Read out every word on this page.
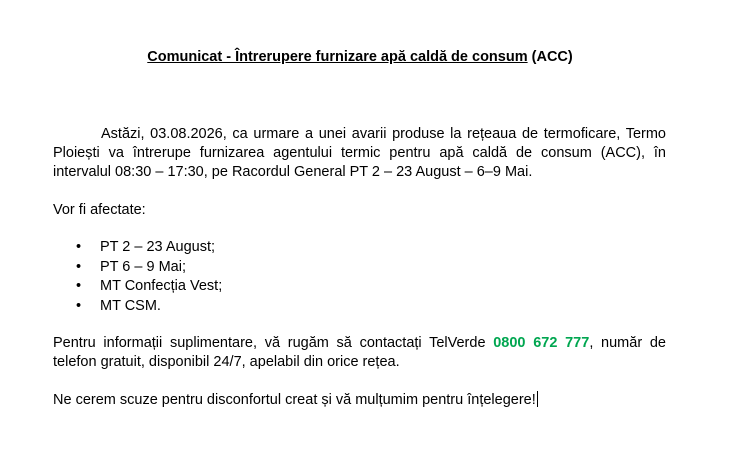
Comunicat - Întrerupere furnizare apă caldă de consum (ACC)
Astăzi, 03.08.2026, ca urmare a unei avarii produse la rețeaua de termoficare, Termo Ploiești va întrerupe furnizarea agentului termic pentru apă caldă de consum (ACC), în intervalul 08:30 – 17:30, pe Racordul General PT 2 – 23 August – 6–9 Mai.
Vor fi afectate:
• PT 2 – 23 August;
• PT 6 – 9 Mai;
• MT Confecția Vest;
• MT CSM.
Pentru informații suplimentare, vă rugăm să contactați TelVerde 0800 672 777, număr de telefon gratuit, disponibil 24/7, apelabil din orice rețea.
Ne cerem scuze pentru disconfortul creat și vă mulțumim pentru înțelegere!
